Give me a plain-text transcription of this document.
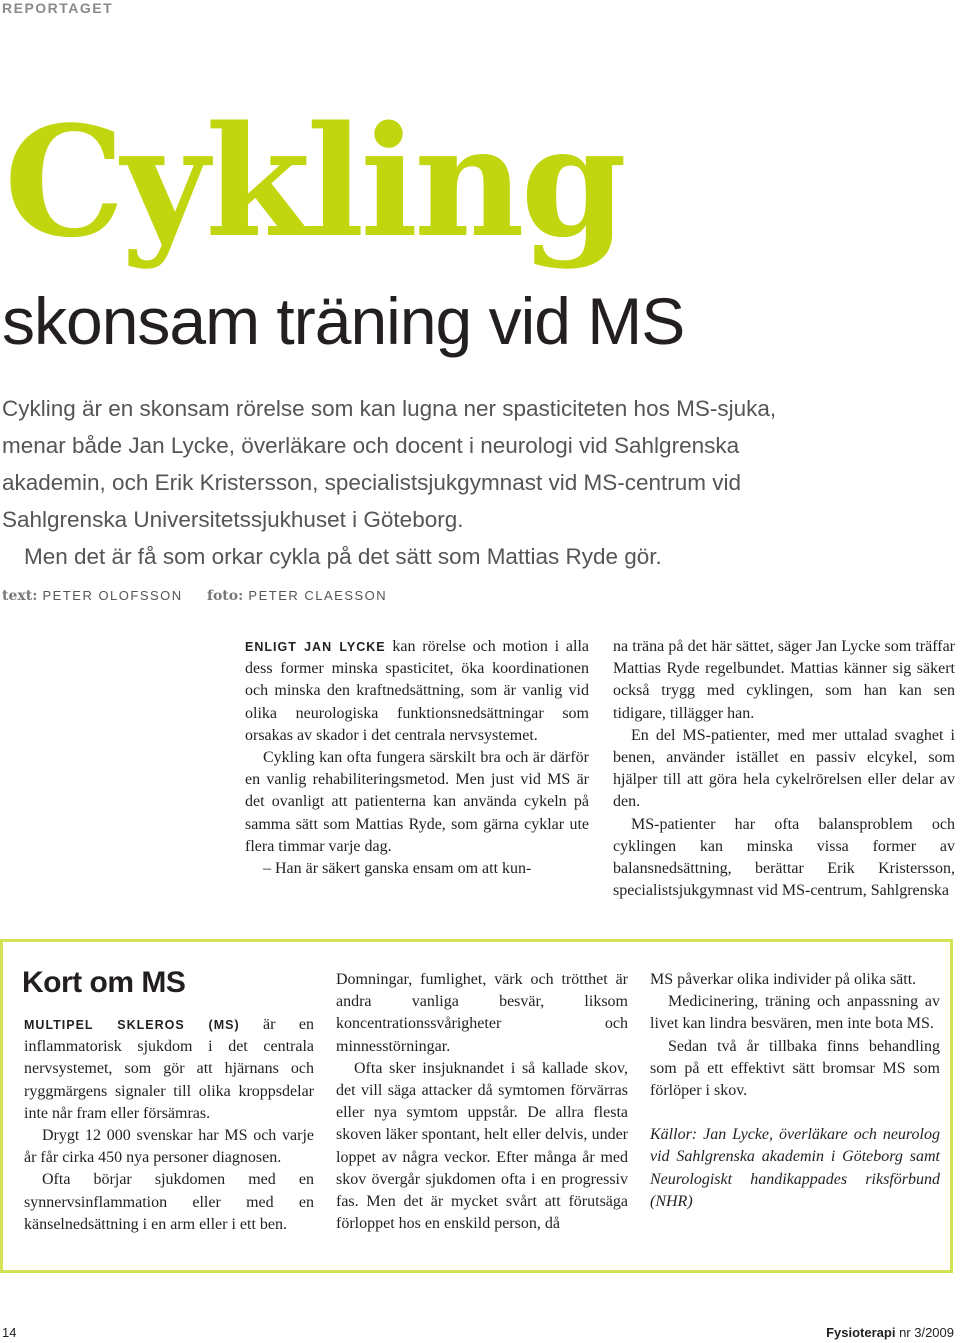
REPORTAGET
Cykling
skonsam träning vid MS
Cykling är en skonsam rörelse som kan lugna ner spasticiteten hos MS-sjuka,
menar både Jan Lycke, överläkare och docent i neurologi vid Sahlgrenska
akademin, och Erik Kristersson, specialistsjukgymnast vid MS-centrum vid
Sahlgrenska Universitetssjukhuset i Göteborg.
Men det är få som orkar cykla på det sätt som Mattias Ryde gör.
text: PETER OLOFSSON foto: PETER CLAESSON

ENLIGT JAN LYCKE kan rörelse och motion i alla dess former minska spasticitet, öka koordinationen och minska den kraftnedsättning, som är vanlig vid olika neurologiska funktionsnedsättningar som orsakas av skador i det centrala nervsystemet.

Cykling kan ofta fungera särskilt bra och är därför en vanlig rehabiliteringsmetod. Men just vid MS är det ovanligt att patienterna kan använda cykeln på samma sätt som Mattias Ryde, som gärna cyklar ute flera timmar varje dag.

– Han är säkert ganska ensam om att kun-

na träna på det här sättet, säger Jan Lycke som träffar Mattias Ryde regelbundet. Mattias känner sig säkert också trygg med cyklingen, som han kan sen tidigare, tillägger han.

En del MS-patienter, med mer uttalad svaghet i benen, använder istället en passiv elcykel, som hjälper till att göra hela cykelrörelsen eller delar av den.

MS-patienter har ofta balansproblem och cyklingen kan minska vissa former av balansnedsättning, berättar Erik Kristersson, specialistsjukgymnast vid MS-centrum, Sahlgrenska

Kort om MS

MULTIPEL SKLEROS (MS) är en inflammatorisk sjukdom i det centrala nervsystemet, som gör att hjärnans och ryggmärgens signaler till olika kroppsdelar inte når fram eller försämras.

Drygt 12 000 svenskar har MS och varje år får cirka 450 nya personer diagnosen.

Ofta börjar sjukdomen med en synnervsinflammation eller med en känselnedsättning i en arm eller i ett ben.

Domningar, fumlighet, värk och trötthet är andra vanliga besvär, liksom koncentrationssvårigheter och minnesstörningar.

Ofta sker insjuknandet i så kallade skov, det vill säga attacker då symtomen förvärras eller nya symtom uppstår. De allra flesta skoven läker spontant, helt eller delvis, under loppet av några veckor. Efter många år med skov övergår sjukdomen ofta i en progressiv fas. Men det är mycket svårt att förutsäga förloppet hos en enskild person, då

MS påverkar olika individer på olika sätt.

Medicinering, träning och anpassning av livet kan lindra besvären, men inte bota MS.

Sedan två år tillbaka finns behandling som på ett effektivt sätt bromsar MS som förlöper i skov.

Källor: Jan Lycke, överläkare och neurolog vid Sahlgrenska akademin i Göteborg samt Neurologiskt handikappades riksförbund (NHR)

14	Fysioterapi nr 3/2009
